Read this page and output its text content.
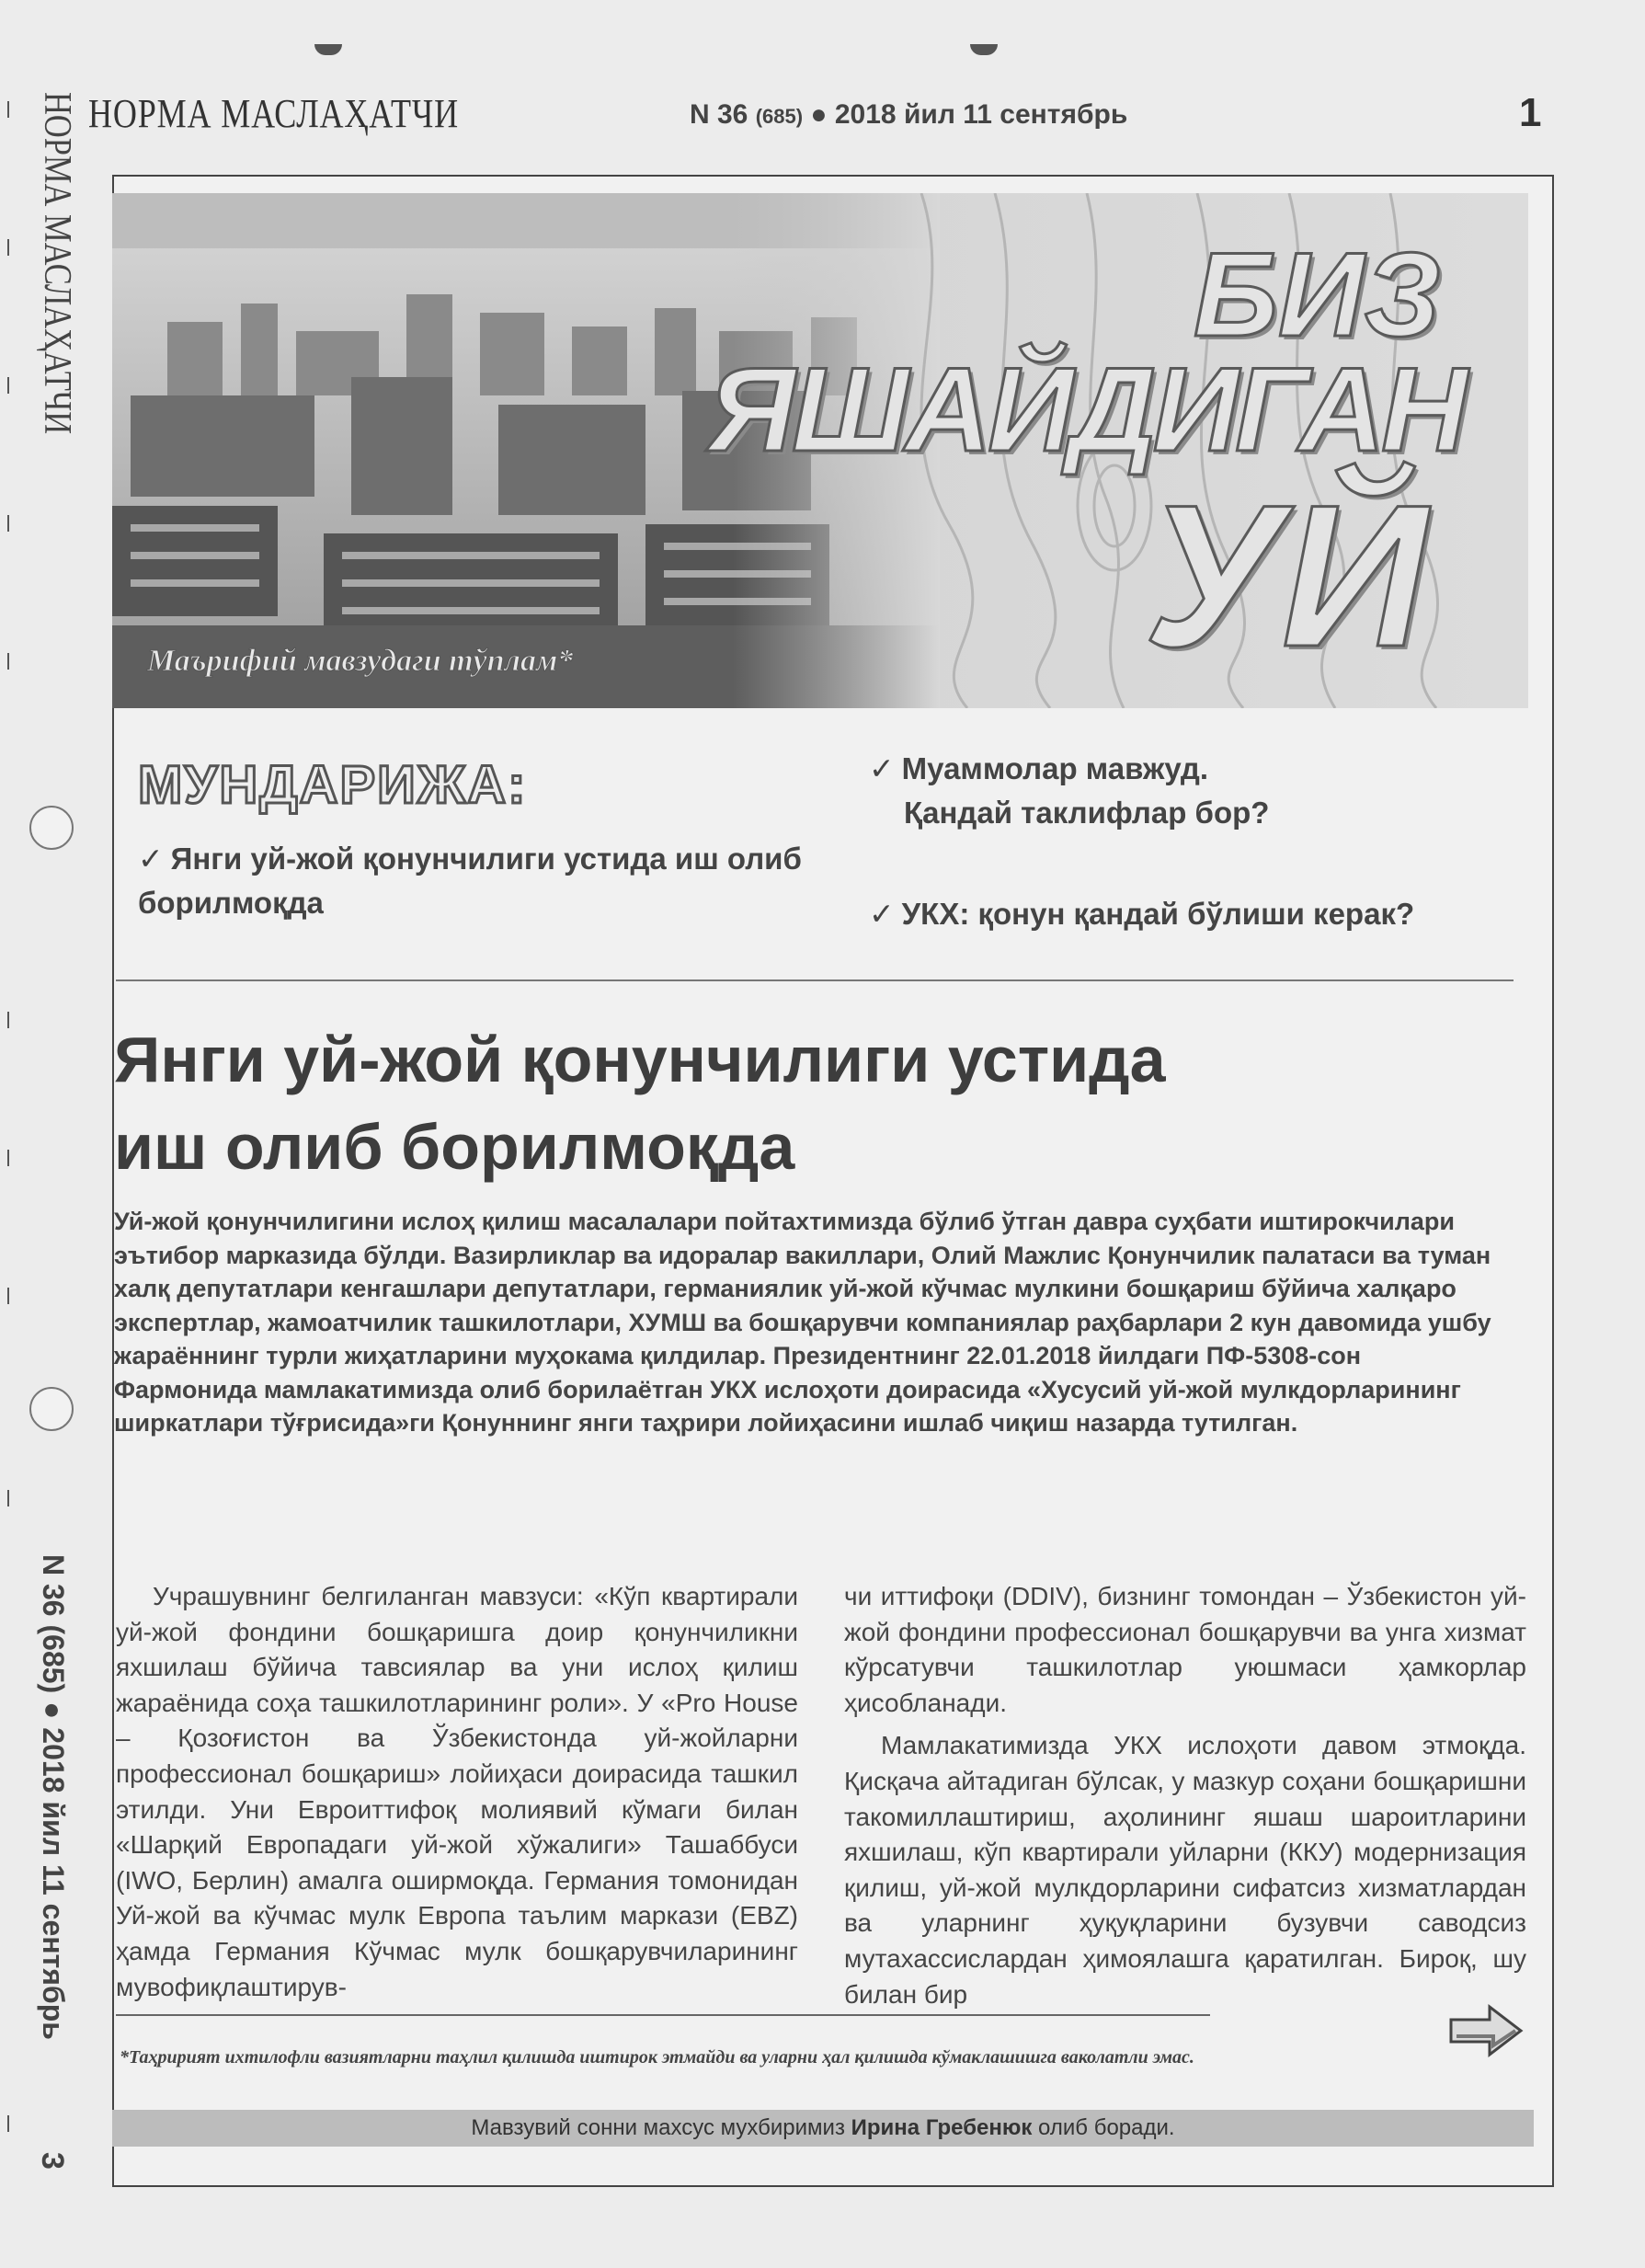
НОРМА МАСЛАҲАТЧИ
N 36 (685) ● 2018 йил 11 сентябрь
3
НОРМА МАСЛАҲАТЧИ	N 36 (685) ● 2018 йил 11 сентябрь	1
БИЗ
ЯШАЙДИГАН
УЙ
Маърифий мавзудаги тўплам*
МУНДАРИЖА:
✓ Янги уй-жой қонунчилиги устида иш олиб борилмоқда
✓ Муаммолар мавжуд.
Қандай таклифлар бор?
✓ УКХ: қонун қандай бўлиши керак?
Янги уй-жой қонунчилиги устида
иш олиб борилмоқда
Уй-жой қонунчилигини ислоҳ қилиш масалалари пойтахтимизда бўлиб ўтган давра суҳбати иштирокчилари эътибор марказида бўлди. Вазирликлар ва идоралар вакиллари, Олий Мажлис Қонунчилик палатаси ва туман халқ депутатлари кенгашлари депутатлари, германиялик уй-жой кўчмас мулкини бошқариш бўйича халқаро экспертлар, жамоатчилик ташкилотлари, ХУМШ ва бошқарувчи компаниялар раҳбарлари 2 кун давомида ушбу жараённинг турли жиҳатларини муҳокама қилдилар. Президентнинг 22.01.2018 йилдаги ПФ-5308-сон Фармонида мамлакатимизда олиб борилаётган УКХ ислоҳоти доирасида «Хусусий уй-жой мулкдорларининг ширкатлари тўғрисида»ги Қонуннинг янги таҳрири лойиҳасини ишлаб чиқиш назарда тутилган.

Учрашувнинг белгиланган мавзуси: «Кўп квартирали уй-жой фондини бошқаришга доир қонунчиликни яхшилаш бўйича тавсиялар ва уни ислоҳ қилиш жараёнида соҳа ташкилотларининг роли». У «Pro House – Қозоғистон ва Ўзбекистонда уй-жойларни профессионал бошқариш» лойиҳаси доирасида ташкил этилди. Уни Евроиттифоқ молиявий кўмаги билан «Шарқий Европадаги уй-жой хўжалиги» Ташаббуси (IWO, Берлин) амалга оширмоқда. Германия томонидан Уй-жой ва кўчмас мулк Европа таълим маркази (EBZ) ҳамда Германия Кўчмас мулк бошқарувчиларининг мувофиқлаштирув-

чи иттифоқи (DDIV), бизнинг томондан – Ўзбекистон уй-жой фондини профессионал бошқарувчи ва унга хизмат кўрсатувчи ташкилотлар уюшмаси ҳамкорлар ҳисобланади.

Мамлакатимизда УКХ ислоҳоти давом этмоқда. Қисқача айтадиган бўлсак, у мазкур соҳани бошқаришни такомиллаштириш, аҳолининг яшаш шароитларини яхшилаш, кўп квартирали уйларни (ККУ) модернизация қилиш, уй-жой мулкдорларини сифатсиз хизматлардан ва уларнинг ҳуқуқларини бузувчи саводсиз мутахассислардан ҳимоялашга қаратилган. Бироқ, шу билан бир

*Таҳририят ихтилофли вазиятларни таҳлил қилишда иштирок этмайди ва уларни ҳал қилишда кўмаклашишга ваколатли эмас.
Мавзувий сонни махсус мухбиримиз Ирина Гребенюк олиб боради.
